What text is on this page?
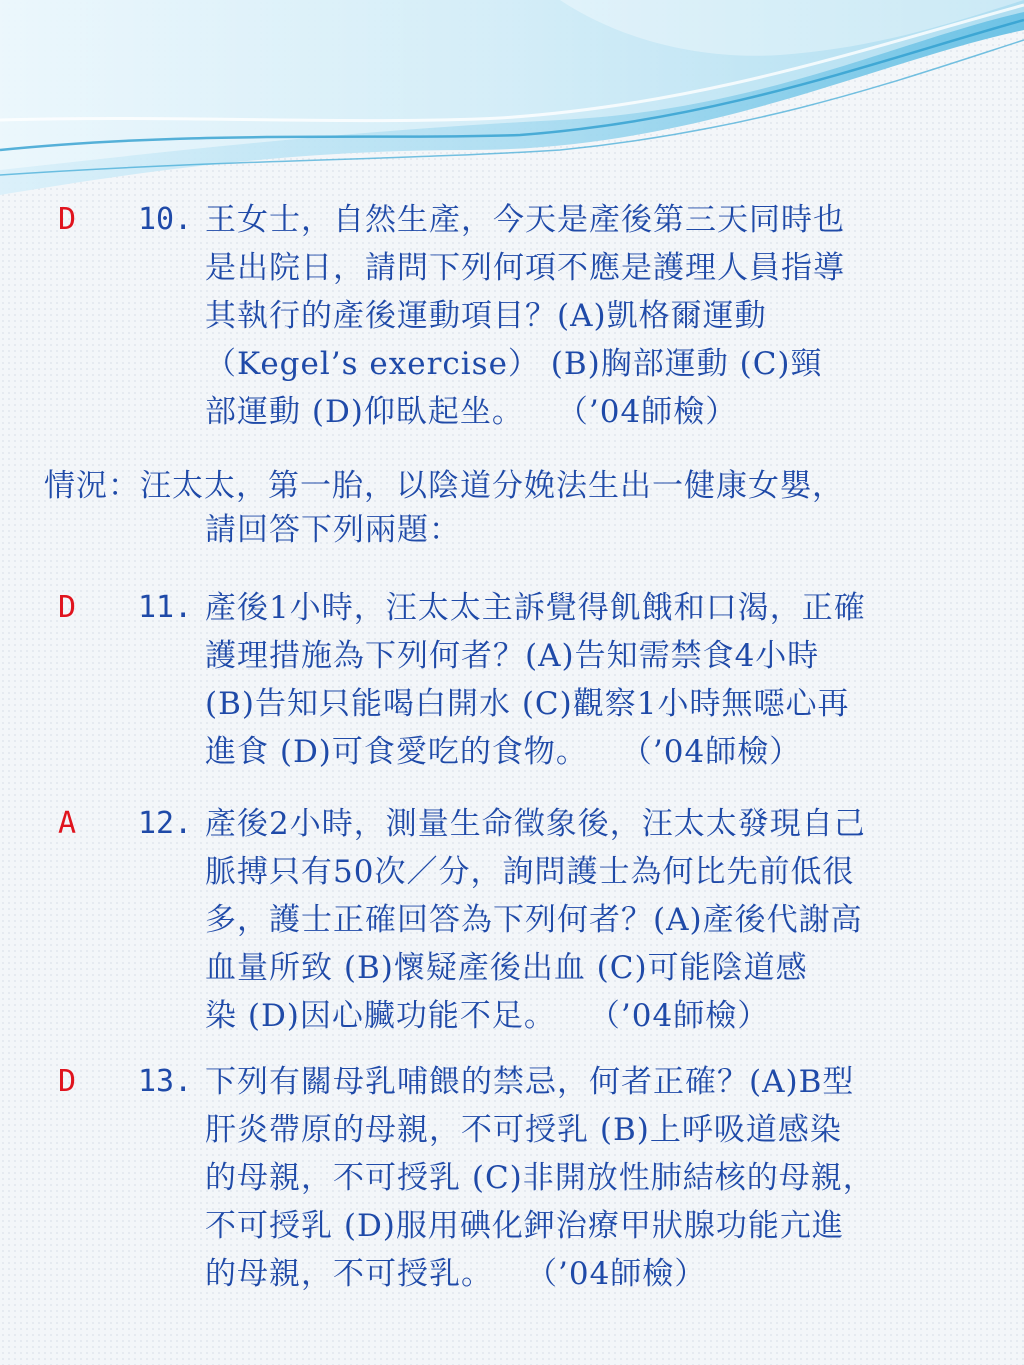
D	10. 王女士，自然生產，今天是產後第三天同時也
是出院日，請問下列何項不應是護理人員指導
其執行的產後運動項目？(A)凱格爾運動
（Kegel’s exercise） (B)胸部運動 (C)頸
部運動 (D)仰臥起坐。　　（’04師檢）
情況：汪太太，第一胎，以陰道分娩法生出一健康女嬰，
請回答下列兩題：
D	11. 產後1小時，汪太太主訴覺得飢餓和口渴，正確
護理措施為下列何者？(A)告知需禁食4小時
(B)告知只能喝白開水 (C)觀察1小時無噁心再
進食 (D)可食愛吃的食物。　　（’04師檢）
A	12. 產後2小時，測量生命徵象後，汪太太發現自己
脈搏只有50次／分，詢問護士為何比先前低很
多，護士正確回答為下列何者？(A)產後代謝高
血量所致 (B)懷疑產後出血 (C)可能陰道感
染 (D)因心臟功能不足。　　（’04師檢）
D	13. 下列有關母乳哺餵的禁忌，何者正確？(A)B型
肝炎帶原的母親，不可授乳 (B)上呼吸道感染
的母親，不可授乳 (C)非開放性肺結核的母親，
不可授乳 (D)服用碘化鉀治療甲狀腺功能亢進
的母親，不可授乳。　　（’04師檢）
